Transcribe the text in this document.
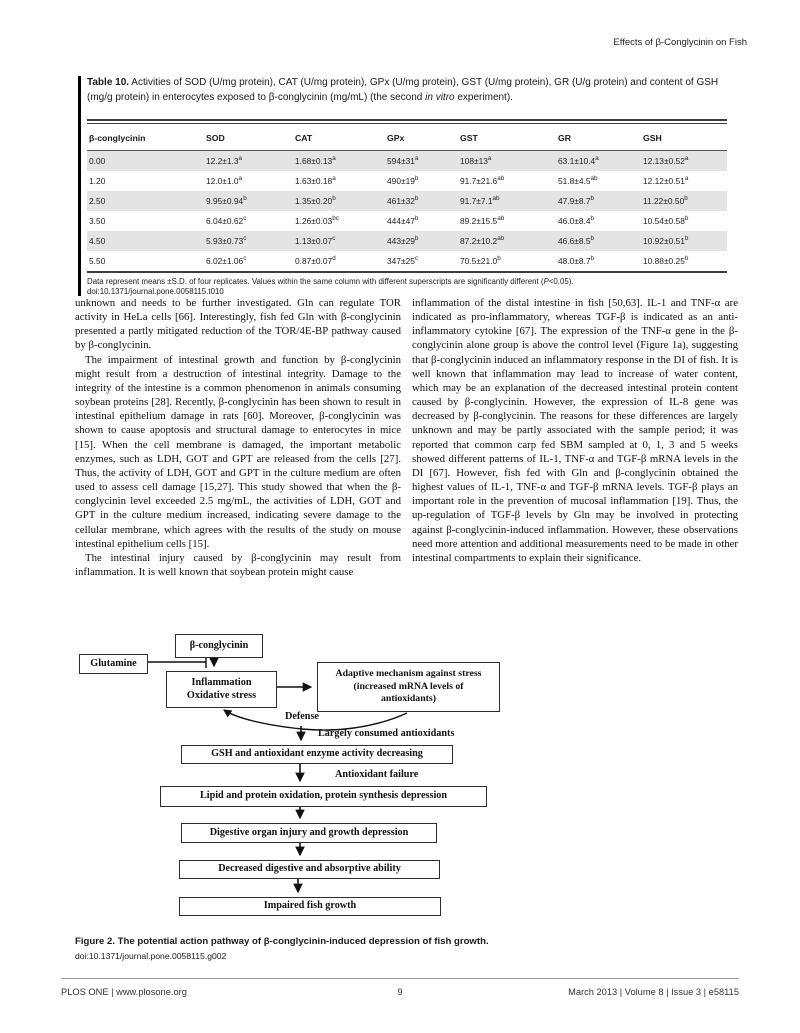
Effects of β-Conglycinin on Fish
Table 10. Activities of SOD (U/mg protein), CAT (U/mg protein), GPx (U/mg protein), GST (U/mg protein), GR (U/g protein) and content of GSH (mg/g protein) in enterocytes exposed to β-conglycinin (mg/mL) (the second in vitro experiment).
β-conglycinin	SOD	CAT	GPx	GST	GR	GSH
0.00	12.2±1.3$^a$	1.68±0.13$^a$	$594\pm 31^a$	$108\pm 13^a$	63.1±10.4$^a$	12.13±0.52$^a$
1.20	12.0±1.0$^a$	1.63±0.18$^a$	$490\pm 19^b$	91.7±21.6$^{ab}$	51.8±4.5$^{ab}$	12.12±0.51$^a$
2.50	9.95±0.94$^b$	1.35±0.20$^b$	$461\pm 32^b$	91.7±7.1$^{ab}$	47.9±8.7$^b$	11.22±0.50$^b$
3.50	6.04±0.62$^c$	1.26±0.03$^{bc}$	$444\pm 47^b$	89.2±15.5$^{ab}$	46.0±8.4$^b$	10.54±0.58$^b$
4.50	5.93±0.73$^c$	1.13±0.07$^c$	$443\pm 29^b$	87.2±10.2$^{ab}$	46.6±8.5$^b$	10.92±0.51$^b$
5.50	6.02±1.06$^c$	0.87±0.07$^d$	$347\pm 25^c$	70.5±21.0$^b$	48.0±8.7$^b$	10.88±0.25$^b$
Data represent means ±S.D. of four replicates. Values within the same column with different superscripts are significantly different (P<0.05).
doi:10.1371/journal.pone.0058115.t010

unknown and needs to be further investigated. Gln can regulate TOR activity in HeLa cells [66]. Interestingly, fish fed Gln with β-conglycinin presented a partly mitigated reduction of the TOR/4E-BP pathway caused by β-conglycinin.

The impairment of intestinal growth and function by β-conglycinin might result from a destruction of intestinal integrity. Damage to the integrity of the intestine is a common phenomenon in animals consuming soybean proteins [28]. Recently, β-conglycinin has been shown to result in intestinal epithelium damage in rats [60]. Moreover, β-conglycinin was shown to cause apoptosis and structural damage to enterocytes in mice [15]. When the cell membrane is damaged, the important metabolic enzymes, such as LDH, GOT and GPT are released from the cells [27]. Thus, the activity of LDH, GOT and GPT in the culture medium are often used to assess cell damage [15,27]. This study showed that when the β-conglycinin level exceeded 2.5 mg/mL, the activities of LDH, GOT and GPT in the culture medium increased, indicating severe damage to the cellular membrane, which agrees with the results of the study on mouse intestinal epithelium cells [15].

The intestinal injury caused by β-conglycinin may result from inflammation. It is well known that soybean protein might cause

inflammation of the distal intestine in fish [50,63]. IL-1 and TNF-α are indicated as pro-inflammatory, whereas TGF-β is indicated as an anti-inflammatory cytokine [67]. The expression of the TNF-α gene in the β-conglycinin alone group is above the control level (Figure 1a), suggesting that β-conglycinin induced an inflammatory response in the DI of fish. It is well known that inflammation may lead to increase of water content, which may be an explanation of the decreased intestinal protein content caused by β-conglycinin. However, the expression of IL-8 gene was decreased by β-conglycinin. The reasons for these differences are largely unknown and may be partly associated with the sample period; it was reported that common carp fed SBM sampled at 0, 1, 3 and 5 weeks showed different patterns of IL-1, TNF-α and TGF-β mRNA levels in the DI [67]. However, fish fed with Gln and β-conglycinin obtained the highest values of IL-1, TNF-α and TGF-β mRNA levels. TGF-β plays an important role in the prevention of mucosal inflammation [19]. Thus, the up-regulation of TGF-β levels by Gln may be involved in protecting against β-conglycinin-induced inflammation. However, these observations need more attention and additional measurements need to be made in other intestinal compartments to explain their significance.

β-conglycinin
Glutamine
Inflammation
Oxidative stress
Adaptive mechanism against stress
(increased mRNA levels of
antioxidants)
GSH and antioxidant enzyme activity decreasing
Lipid and protein oxidation, protein synthesis depression
Digestive organ injury and growth depression
Decreased digestive and absorptive ability
Impaired fish growth
Defense
Largely consumed antioxidants
Antioxidant failure
Figure 2. The potential action pathway of β-conglycinin-induced depression of fish growth.
doi:10.1371/journal.pone.0058115.g002
PLOS ONE | www.plosone.org	9	March 2013 | Volume 8 | Issue 3 | e58115
